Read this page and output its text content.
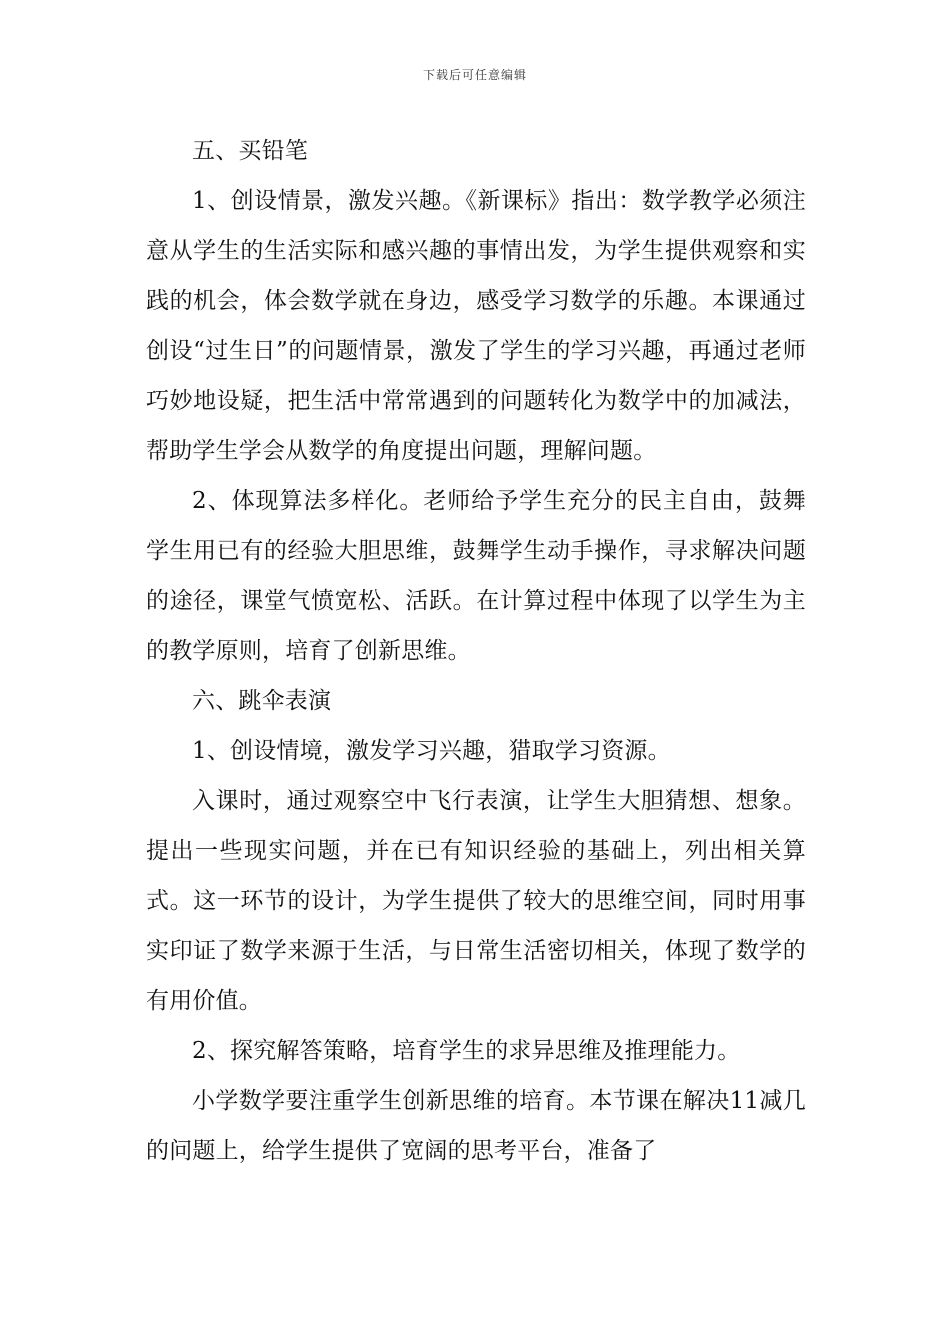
下载后可任意编辑

五、买铅笔

1、创设情景，激发兴趣。《新课标》指出：数学教学必须注意从学生的生活实际和感兴趣的事情出发，为学生提供观察和实践的机会，体会数学就在身边，感受学习数学的乐趣。本课通过创设“过生日”的问题情景，激发了学生的学习兴趣，再通过老师巧妙地设疑，把生活中常常遇到的问题转化为数学中的加减法，帮助学生学会从数学的角度提出问题，理解问题。

2、体现算法多样化。老师给予学生充分的民主自由，鼓舞学生用已有的经验大胆思维，鼓舞学生动手操作，寻求解决问题的途径，课堂气愤宽松、活跃。在计算过程中体现了以学生为主的教学原则，培育了创新思维。

六、跳伞表演

1、创设情境，激发学习兴趣，猎取学习资源。

入课时，通过观察空中飞行表演，让学生大胆猜想、想象。提出一些现实问题，并在已有知识经验的基础上，列出相关算式。这一环节的设计，为学生提供了较大的思维空间，同时用事实印证了数学来源于生活，与日常生活密切相关，体现了数学的有用价值。

2、探究解答策略，培育学生的求异思维及推理能力。

小学数学要注重学生创新思维的培育。本节课在解决11减几的问题上，给学生提供了宽阔的思考平台，准备了
